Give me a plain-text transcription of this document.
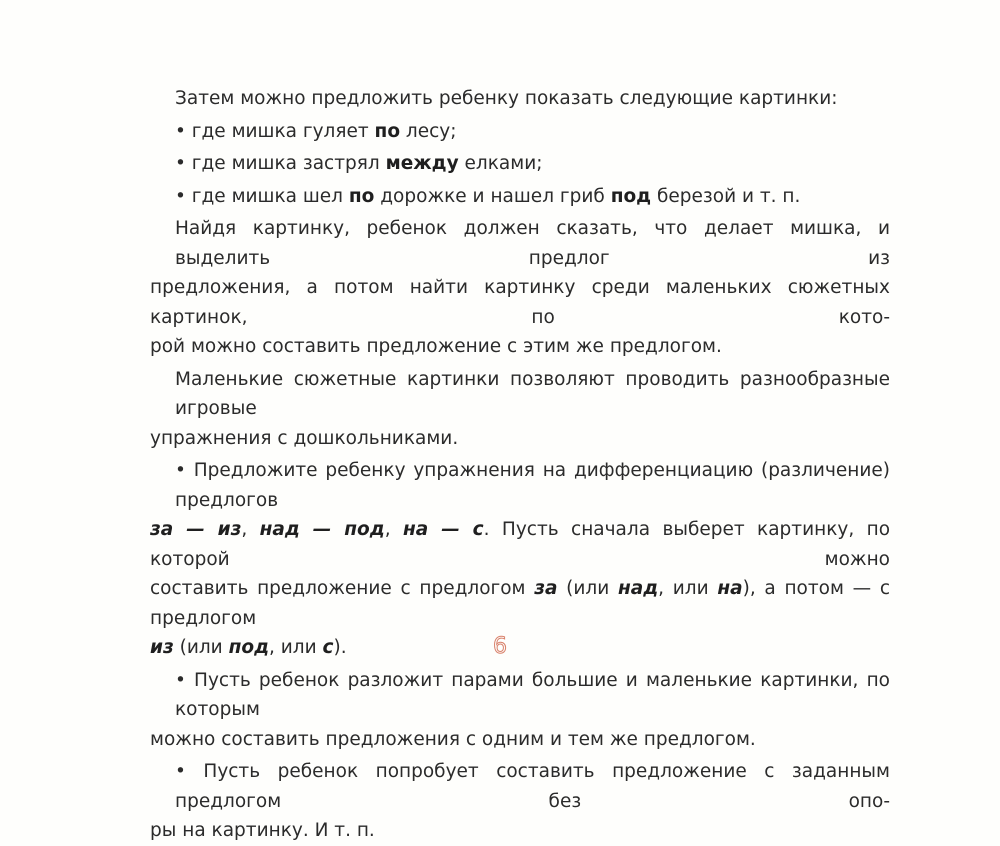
Затем можно предложить ребенку показать следующие картинки:
• где мишка гуляет по лесу;
• где мишка застрял между елками;
• где мишка шел по дорожке и нашел гриб под березой и т. п.
Найдя картинку, ребенок должен сказать, что делает мишка, и выделить предлог из
предложения, а потом найти картинку среди маленьких сюжетных картинок, по кото-
рой можно составить предложение с этим же предлогом.
Маленькие сюжетные картинки позволяют проводить разнообразные игровые
упражнения с дошкольниками.
• Предложите ребенку упражнения на дифференциацию (различение) предлогов
за — из, над — под, на — с. Пусть сначала выберет картинку, по которой можно
составить предложение с предлогом за (или над, или на), а потом — с предлогом
из (или под, или с).
• Пусть ребенок разложит парами большие и маленькие картинки, по которым
можно составить предложения с одним и тем же предлогом.
• Пусть ребенок попробует составить предложение с заданным предлогом без опо-
ры на картинку. И т. п.
6
